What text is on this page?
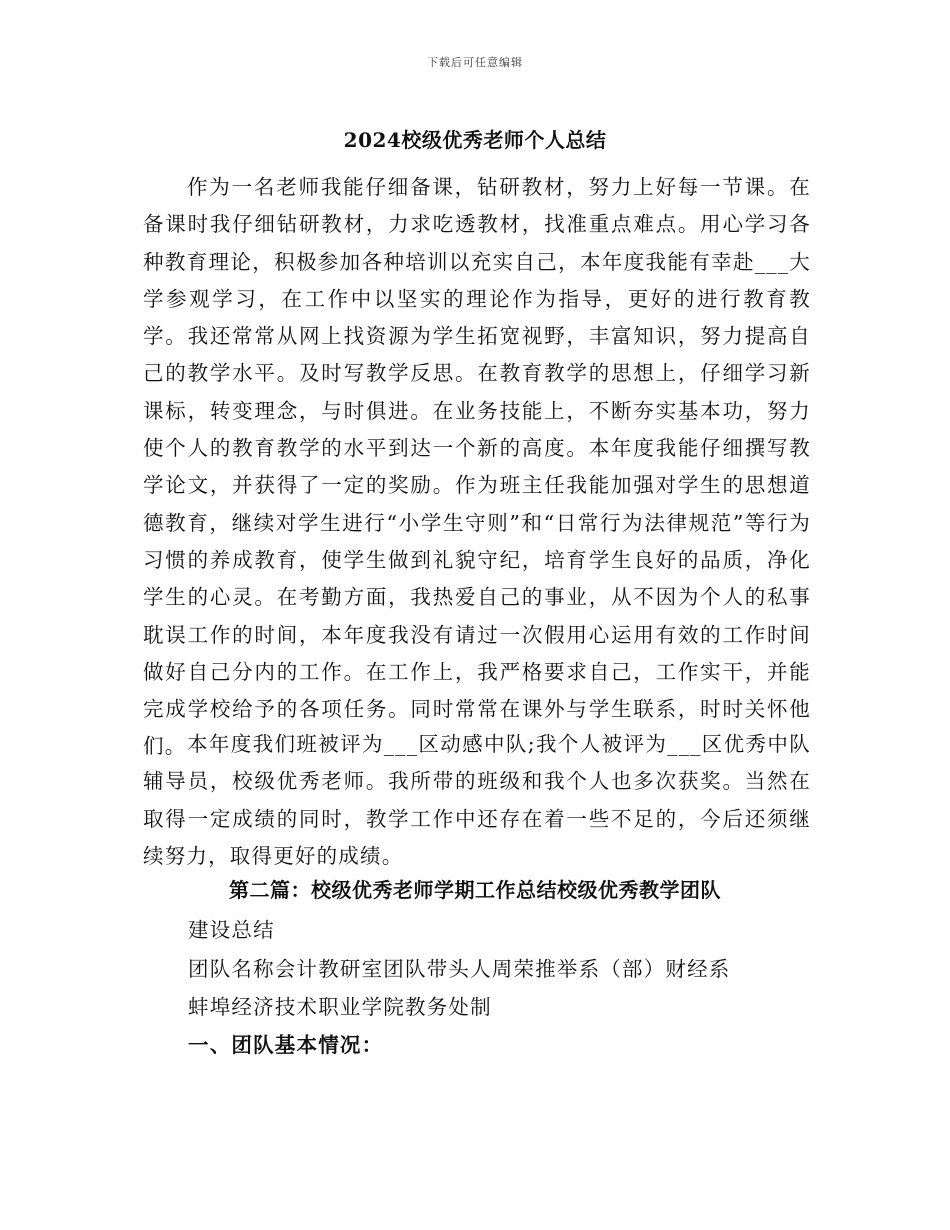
下载后可任意编辑
2024校级优秀老师个人总结

作为一名老师我能仔细备课，钻研教材，努力上好每一节课。在备课时我仔细钻研教材，力求吃透教材，找准重点难点。用心学习各种教育理论，积极参加各种培训以充实自己，本年度我能有幸赴___大学参观学习，在工作中以坚实的理论作为指导，更好的进行教育教学。我还常常从网上找资源为学生拓宽视野，丰富知识，努力提高自己的教学水平。及时写教学反思。在教育教学的思想上，仔细学习新课标，转变理念，与时俱进。在业务技能上，不断夯实基本功，努力使个人的教育教学的水平到达一个新的高度。本年度我能仔细撰写教学论文，并获得了一定的奖励。作为班主任我能加强对学生的思想道德教育，继续对学生进行“小学生守则”和“日常行为法律规范”等行为习惯的养成教育，使学生做到礼貌守纪，培育学生良好的品质，净化学生的心灵。在考勤方面，我热爱自己的事业，从不因为个人的私事耽误工作的时间，本年度我没有请过一次假用心运用有效的工作时间做好自己分内的工作。在工作上，我严格要求自己，工作实干，并能完成学校给予的各项任务。同时常常在课外与学生联系，时时关怀他们。 本年度我们班被评为___区动感中队;我个人被评为___区优秀中队辅导员，校级优秀老师。我所带的班级和我个人也多次获奖。当然在取得一定成绩的同时，教学工作中还存在着一些不足的，今后还须继续努力，取得更好的成绩。

第二篇：校级优秀老师学期工作总结校级优秀教学团队

建设总结

团队名称会计教研室团队带头人周荣推举系（部）财经系

蚌埠经济技术职业学院教务处制

一、团队基本情况：
